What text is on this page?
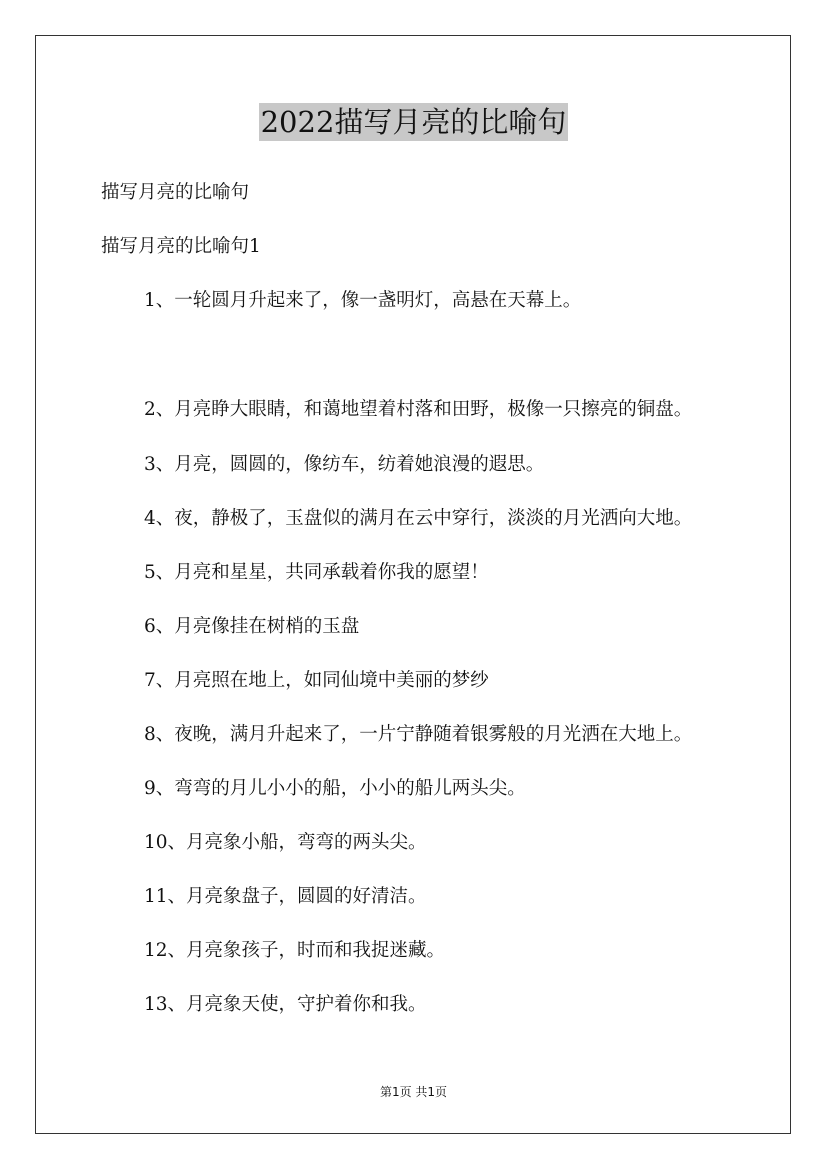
2022描写月亮的比喻句
描写月亮的比喻句
描写月亮的比喻句1
1、一轮圆月升起来了，像一盏明灯，高悬在天幕上。
2、月亮睁大眼睛，和蔼地望着村落和田野，极像一只擦亮的铜盘。
3、月亮，圆圆的，像纺车，纺着她浪漫的遐思。
4、夜，静极了，玉盘似的满月在云中穿行，淡淡的月光洒向大地。
5、月亮和星星，共同承载着你我的愿望！
6、月亮像挂在树梢的玉盘
7、月亮照在地上，如同仙境中美丽的梦纱
8、夜晚，满月升起来了，一片宁静随着银雾般的月光洒在大地上。
9、弯弯的月儿小小的船，小小的船儿两头尖。
10、月亮象小船，弯弯的两头尖。
11、月亮象盘子，圆圆的好清洁。
12、月亮象孩子，时而和我捉迷藏。
13、月亮象天使，守护着你和我。
第1页 共1页
